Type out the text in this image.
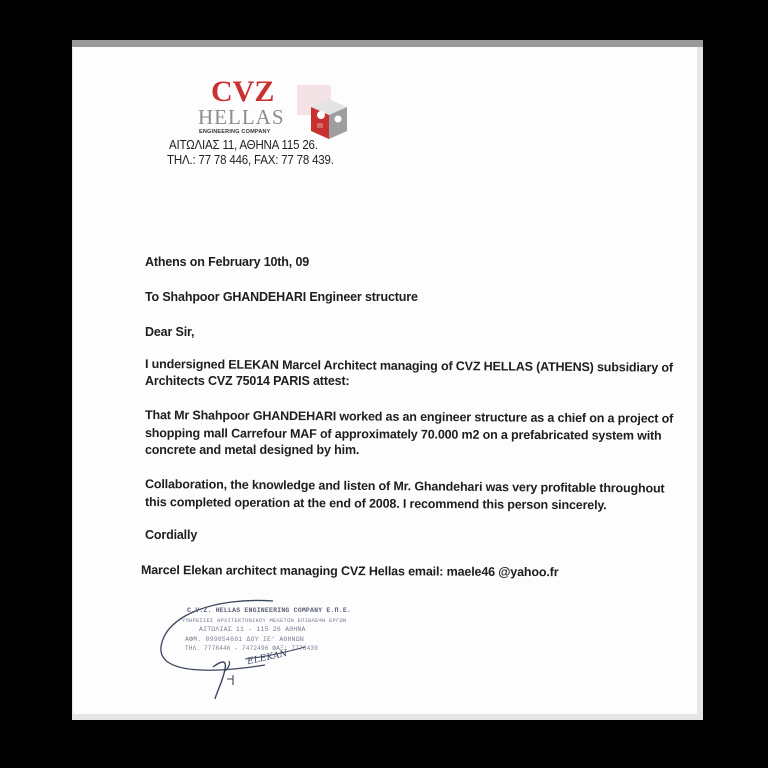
CVZ
HELLAS
ENGINEERING COMPANY
ΑΙΤΩΛΙΑΣ 11, ΑΘΗΝΑ 115 26.
ΤΗΛ.: 77 78 446, FAX: 77 78 439.
Athens on February 10th, 09
To Shahpoor GHANDEHARI Engineer structure
Dear Sir,
I undersigned ELEKAN Marcel Architect managing of CVZ HELLAS (ATHENS) subsidiary of
Architects CVZ 75014 PARIS attest:
That Mr Shahpoor GHANDEHARI worked as an engineer structure as a chief on a project of
shopping mall Carrefour MAF of approximately 70.000 m2 on a prefabricated system with
concrete and metal designed by him.
Collaboration, the knowledge and listen of Mr. Ghandehari was very profitable throughout
this completed operation at the end of 2008. I recommend this person sincerely.
Cordially
Marcel Elekan architect managing CVZ Hellas email: maele46 @yahoo.fr
C.V.Z. HELLAS ENGINEERING COMPANY E.Π.Ε.
ΥΠΗΡΕΣΙΕΣ ΑΡΧΙΤΕΚΤΟΝΙΚΟΥ ΜΕΛΕΤΩΝ ΕΠΙΒΛΕΨΗ ΕΡΓΩΝ
ΑΙΤΩΛΙΑΣ 11 - 115 26 ΑΘΗΝΑ
ΑΦΜ. 099054691 ΔΟΥ ΙΕ' ΑΘΗΝΩΝ
ΤΗΛ. 7778446 - 7472496 ΦΑΞ: 7778439
ELEKAN
